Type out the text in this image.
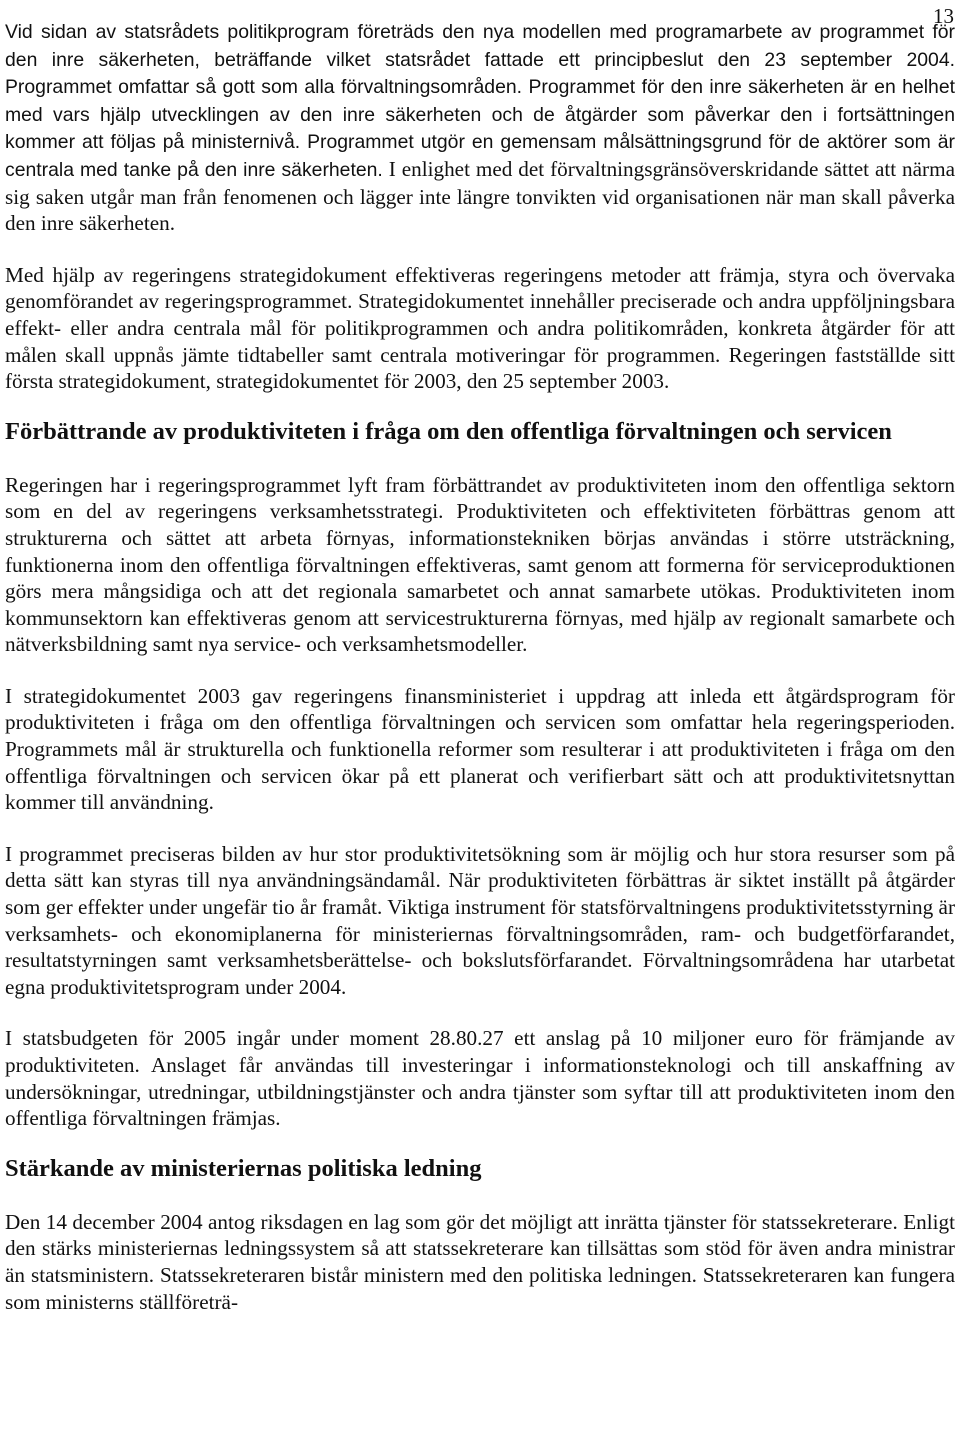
13

Vid sidan av statsrådets politikprogram företräds den nya modellen med programarbete av programmet för den inre säkerheten, beträffande vilket statsrådet fattade ett principbeslut den 23 september 2004. Programmet omfattar så gott som alla förvaltningsområden. Programmet för den inre säkerheten är en helhet med vars hjälp utvecklingen av den inre säkerheten och de åtgärder som påverkar den i fortsättningen kommer att följas på ministernivå. Programmet utgör en gemensam målsättningsgrund för de aktörer som är centrala med tanke på den inre säkerheten. I enlighet med det förvaltningsgränsöverskridande sättet att närma sig saken utgår man från fenomenen och lägger inte längre tonvikten vid organisationen när man skall påverka den inre säkerheten.

Med hjälp av regeringens strategidokument effektiveras regeringens metoder att främja, styra och övervaka genomförandet av regeringsprogrammet. Strategidokumentet innehåller preciserade och andra uppföljningsbara effekt- eller andra centrala mål för politikprogrammen och andra politikområden, konkreta åtgärder för att målen skall uppnås jämte tidtabeller samt centrala motiveringar för programmen. Regeringen fastställde sitt första strategidokument, strategidokumentet för 2003, den 25 september 2003.

Förbättrande av produktiviteten i fråga om den offentliga förvaltningen och servicen

Regeringen har i regeringsprogrammet lyft fram förbättrandet av produktiviteten inom den offentliga sektorn som en del av regeringens verksamhetsstrategi. Produktiviteten och effektiviteten förbättras genom att strukturerna och sättet att arbeta förnyas, informationstekniken börjas användas i större utsträckning, funktionerna inom den offentliga förvaltningen effektiveras, samt genom att formerna för serviceproduktionen görs mera mångsidiga och att det regionala samarbetet och annat samarbete utökas. Produktiviteten inom kommunsektorn kan effektiveras genom att servicestrukturerna förnyas, med hjälp av regionalt samarbete och nätverksbildning samt nya service- och verksamhetsmodeller.

I strategidokumentet 2003 gav regeringens finansministeriet i uppdrag att inleda ett åtgärdsprogram för produktiviteten i fråga om den offentliga förvaltningen och servicen som omfattar hela regeringsperioden. Programmets mål är strukturella och funktionella reformer som resulterar i att produktiviteten i fråga om den offentliga förvaltningen och servicen ökar på ett planerat och verifierbart sätt och att produktivitetsnyttan kommer till användning.

I programmet preciseras bilden av hur stor produktivitetsökning som är möjlig och hur stora resurser som på detta sätt kan styras till nya användningsändamål. När produktiviteten förbättras är siktet inställt på åtgärder som ger effekter under ungefär tio år framåt. Viktiga instrument för statsförvaltningens produktivitetsstyrning är verksamhets- och ekonomiplanerna för ministeriernas förvaltningsområden, ram- och budgetförfarandet, resultatstyrningen samt verksamhetsberättelse- och bokslutsförfarandet. Förvaltningsområdena har utarbetat egna produktivitetsprogram under 2004.

I statsbudgeten för 2005 ingår under moment 28.80.27 ett anslag på 10 miljoner euro för främjande av produktiviteten. Anslaget får användas till investeringar i informationsteknologi och till anskaffning av undersökningar, utredningar, utbildningstjänster och andra tjänster som syftar till att produktiviteten inom den offentliga förvaltningen främjas.

Stärkande av ministeriernas politiska ledning

Den 14 december 2004 antog riksdagen en lag som gör det möjligt att inrätta tjänster för statssekreterare. Enligt den stärks ministeriernas ledningssystem så att statssekreterare kan tillsättas som stöd för även andra ministrar än statsministern. Statssekreteraren bistår ministern med den politiska ledningen. Statssekreteraren kan fungera som ministerns ställföreträ-
